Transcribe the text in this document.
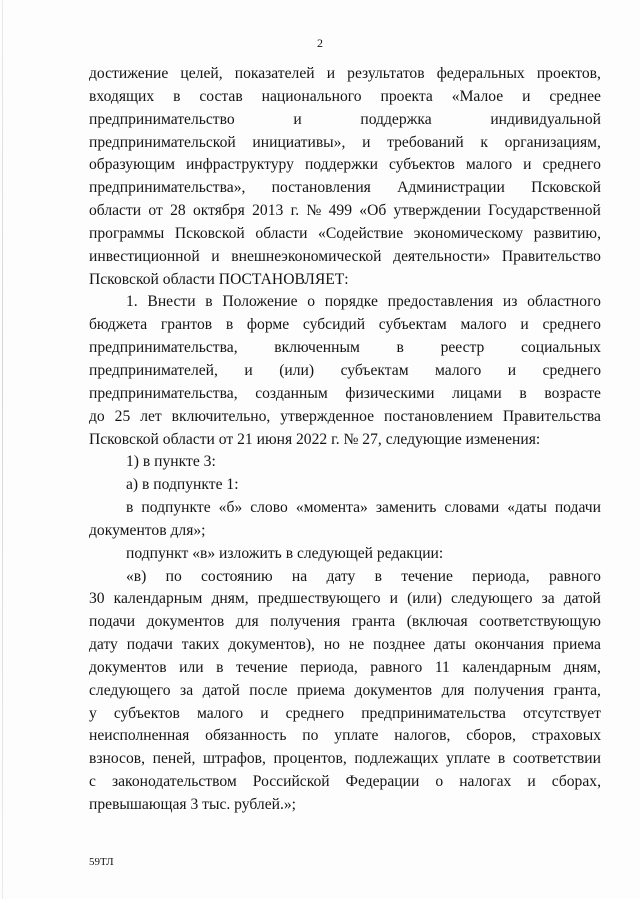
2
достижение целей, показателей и результатов федеральных проектов,
входящих в состав национального проекта «Малое и среднее
предпринимательство	и	поддержка	индивидуальной
предпринимательской инициативы», и требований к организациям,
образующим инфраструктуру поддержки субъектов малого и среднего
предпринимательства», постановления Администрации Псковской
области от 28 октября 2013 г. № 499 «Об утверждении Государственной
программы Псковской области «Содействие экономическому развитию,
инвестиционной и внешнеэкономической деятельности» Правительство
Псковской области ПОСТАНОВЛЯЕТ:
1. Внести в Положение о порядке предоставления из областного
бюджета грантов в форме субсидий субъектам малого и среднего
предпринимательства, включенным в реестр социальных
предпринимателей, и (или) субъектам малого и среднего
предпринимательства, созданным физическими лицами в возрасте
до 25 лет включительно, утвержденное постановлением Правительства
Псковской области от 21 июня 2022 г. № 27, следующие изменения:
1) в пункте 3:
а) в подпункте 1:
в подпункте «б» слово «момента» заменить словами «даты подачи
документов для»;
подпункт «в» изложить в следующей редакции:
«в) по состоянию на дату в течение периода, равного
30 календарным дням, предшествующего и (или) следующего за датой
подачи документов для получения гранта (включая соответствующую
дату подачи таких документов), но не позднее даты окончания приема
документов или в течение периода, равного 11 календарным дням,
следующего за датой после приема документов для получения гранта,
у субъектов малого и среднего предпринимательства отсутствует
неисполненная обязанность по уплате налогов, сборов, страховых
взносов, пеней, штрафов, процентов, подлежащих уплате в соответствии
с законодательством Российской Федерации о налогах и сборах,
превышающая 3 тыс. рублей.»;
59ТЛ
